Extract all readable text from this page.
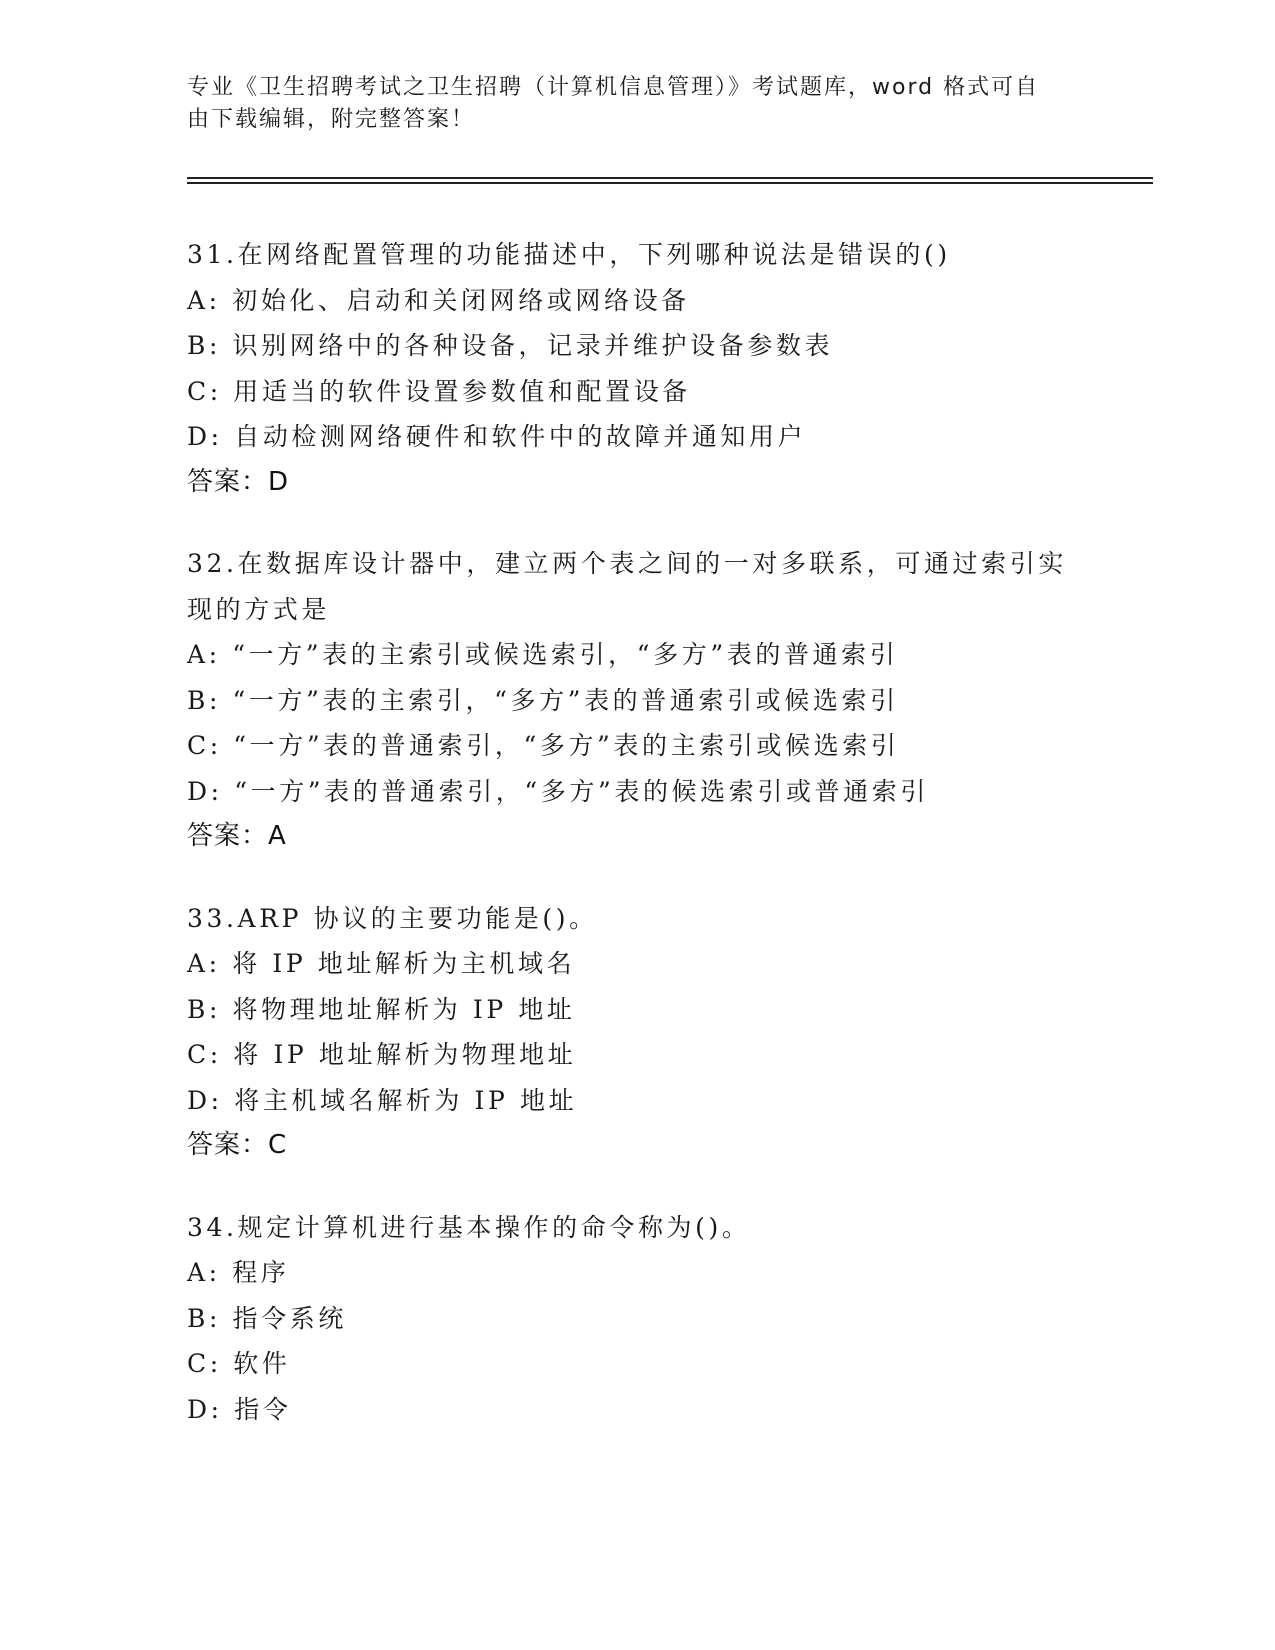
专业《卫生招聘考试之卫生招聘（计算机信息管理）》考试题库，word 格式可自
由下载编辑，附完整答案！
31.在网络配置管理的功能描述中，下列哪种说法是错误的()
A: 初始化、启动和关闭网络或网络设备
B: 识别网络中的各种设备，记录并维护设备参数表
C: 用适当的软件设置参数值和配置设备
D: 自动检测网络硬件和软件中的故障并通知用户
答案：D
32.在数据库设计器中，建立两个表之间的一对多联系，可通过索引实
现的方式是
A: “一方”表的主索引或候选索引，“多方”表的普通索引
B: “一方”表的主索引，“多方”表的普通索引或候选索引
C: “一方”表的普通索引，“多方”表的主索引或候选索引
D: “一方”表的普通索引，“多方”表的候选索引或普通索引
答案：A
33.ARP 协议的主要功能是()。
A: 将 IP 地址解析为主机域名
B: 将物理地址解析为 IP 地址
C: 将 IP 地址解析为物理地址
D: 将主机域名解析为 IP 地址
答案：C
34.规定计算机进行基本操作的命令称为()。
A: 程序
B: 指令系统
C: 软件
D: 指令
